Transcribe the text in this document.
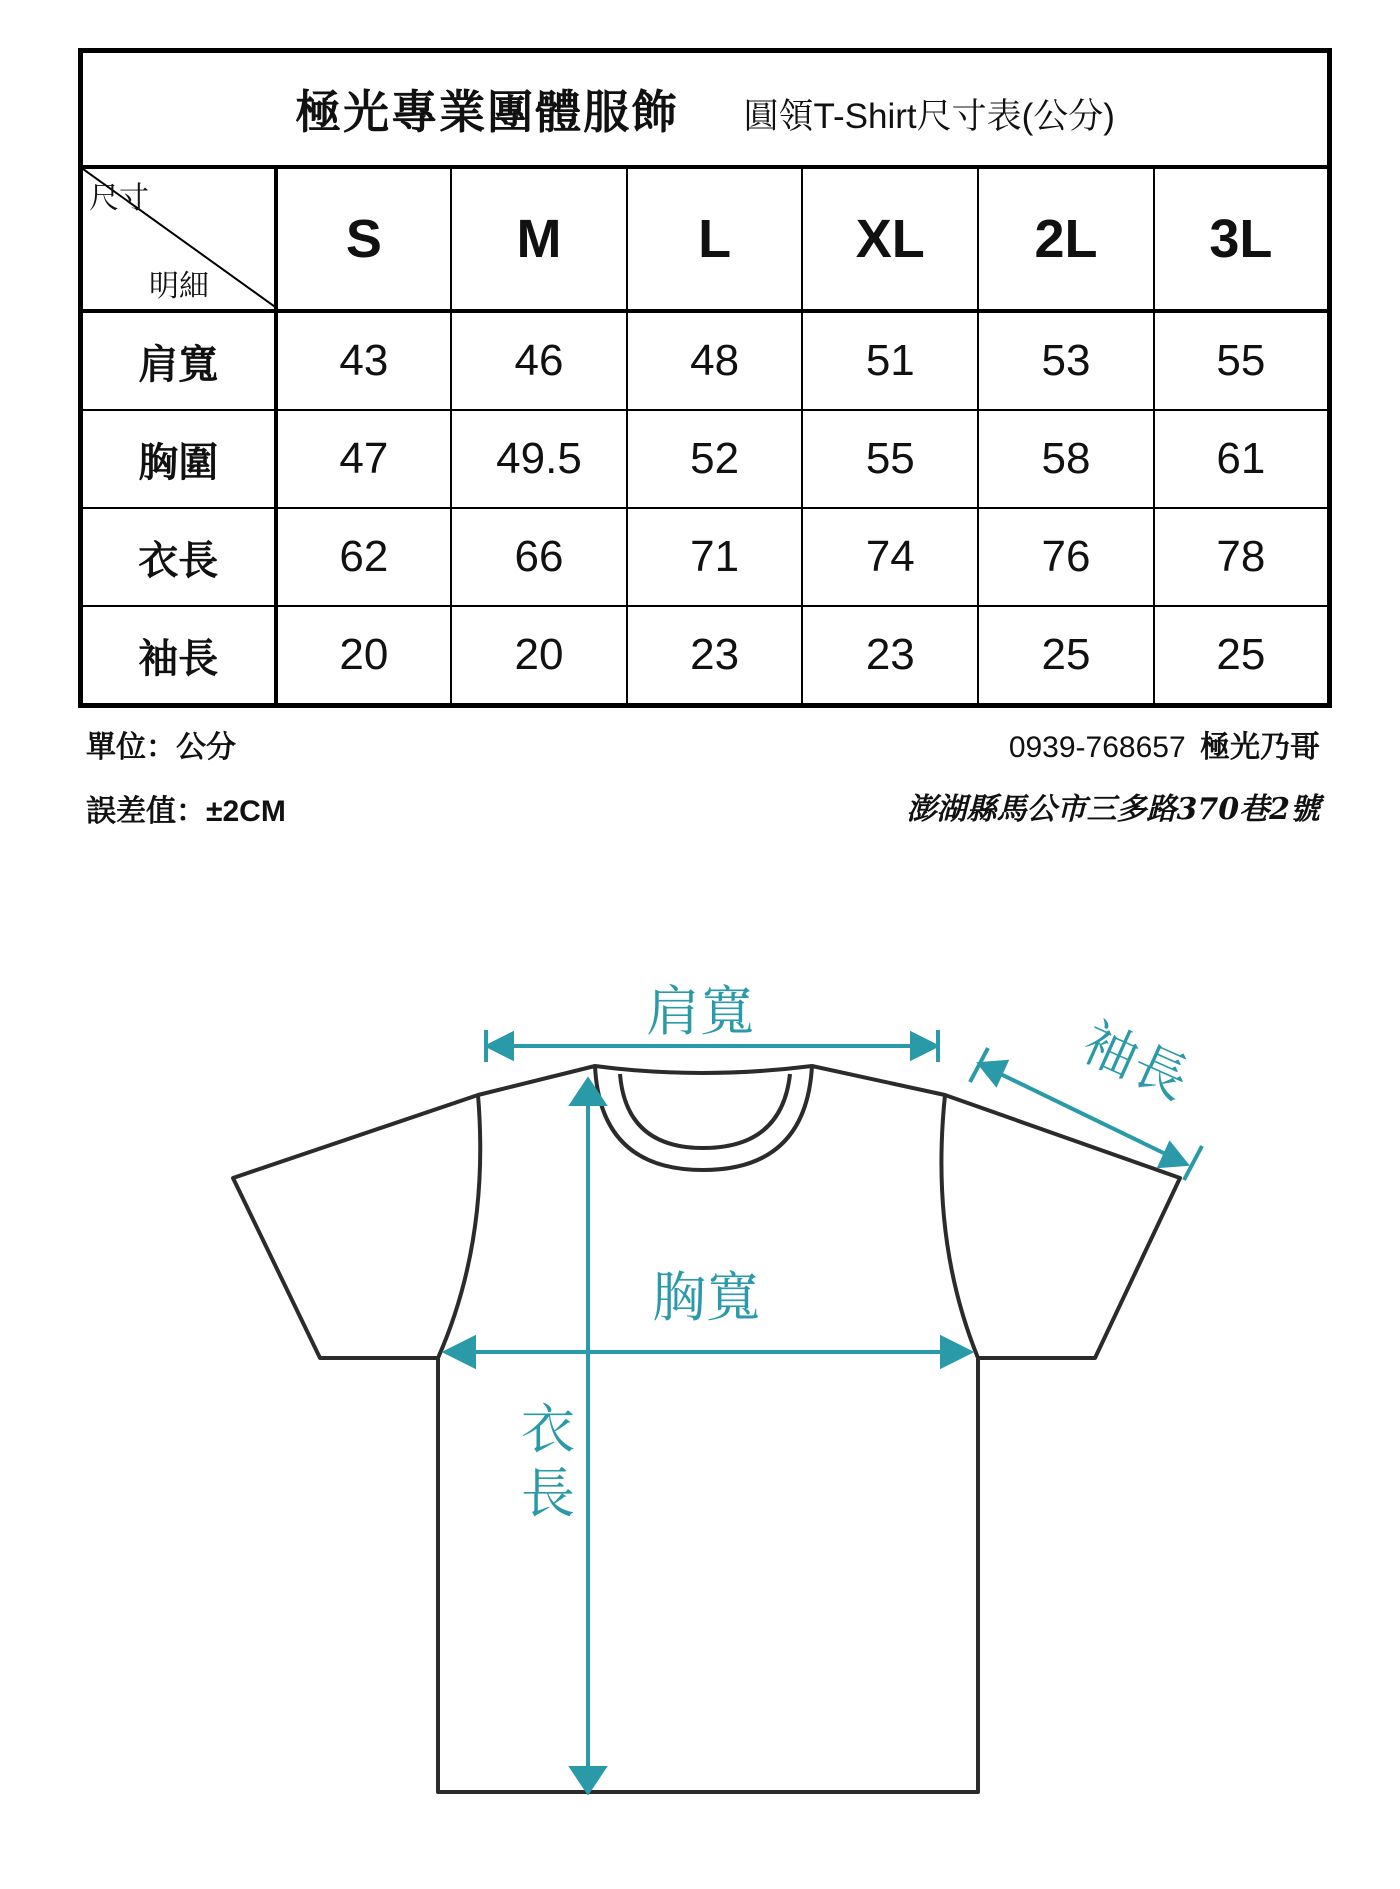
極光專業團體服飾 圓領T-Shirt尺寸表(公分)						

尺寸
明細	S	M	L	XL	2L	3L
肩寬	43	46	48	51	53	55
胸圍	47	49.5	52	55	58	61
衣長	62	66	71	74	76	78
袖長	20	20	23	23	25	25
單位：公分
誤差值：±2CM
0939-768657 極光乃哥
澎湖縣馬公市三多路370巷2號
肩寬
胸寬
衣
長
袖長
